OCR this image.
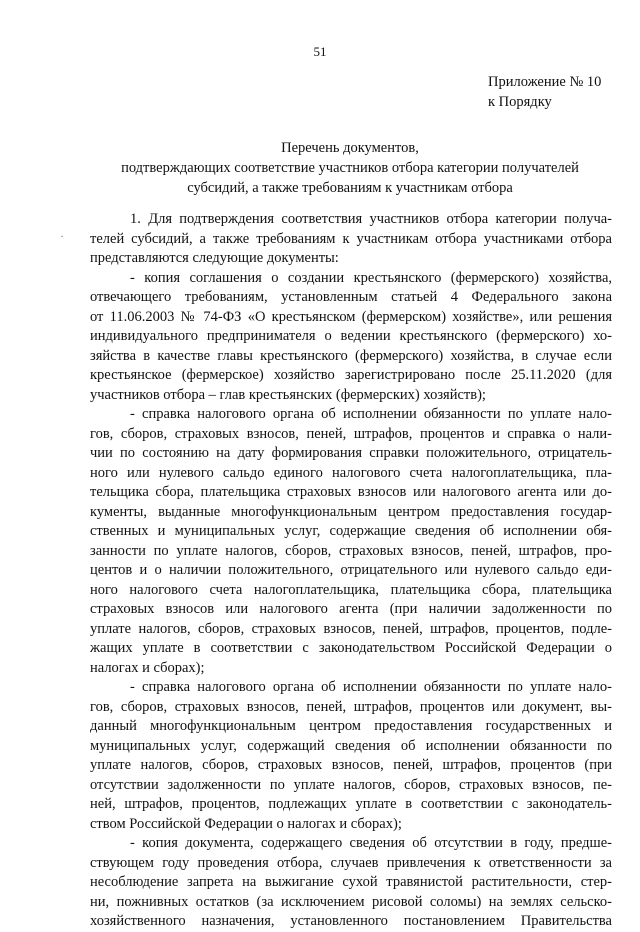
51
Приложение № 10
к Порядку
Перечень документов,
подтверждающих соответствие участников отбора категории получателей
субсидий, а также требованиям к участникам отбора
·
1. Для подтверждения соответствия участников отбора категории получа-
телей субсидий, а также требованиям к участникам отбора участниками отбора
представляются следующие документы:
- копия соглашения о создании крестьянского (фермерского) хозяйства,
отвечающего требованиям, установленным статьей 4 Федерального закона
от 11.06.2003 № 74-ФЗ «О крестьянском (фермерском) хозяйстве», или решения
индивидуального предпринимателя о ведении крестьянского (фермерского) хо-
зяйства в качестве главы крестьянского (фермерского) хозяйства, в случае если
крестьянское (фермерское) хозяйство зарегистрировано после 25.11.2020 (для
участников отбора – глав крестьянских (фермерских) хозяйств);
- справка налогового органа об исполнении обязанности по уплате нало-
гов, сборов, страховых взносов, пеней, штрафов, процентов и справка о нали-
чии по состоянию на дату формирования справки положительного, отрицатель-
ного или нулевого сальдо единого налогового счета налогоплательщика, пла-
тельщика сбора, плательщика страховых взносов или налогового агента или до-
кументы, выданные многофункциональным центром предоставления государ-
ственных и муниципальных услуг, содержащие сведения об исполнении обя-
занности по уплате налогов, сборов, страховых взносов, пеней, штрафов, про-
центов и о наличии положительного, отрицательного или нулевого сальдо еди-
ного налогового счета налогоплательщика, плательщика сбора, плательщика
страховых взносов или налогового агента (при наличии задолженности по
уплате налогов, сборов, страховых взносов, пеней, штрафов, процентов, подле-
жащих уплате в соответствии с законодательством Российской Федерации о
налогах и сборах);
- справка налогового органа об исполнении обязанности по уплате нало-
гов, сборов, страховых взносов, пеней, штрафов, процентов или документ, вы-
данный многофункциональным центром предоставления государственных и
муниципальных услуг, содержащий сведения об исполнении обязанности по
уплате налогов, сборов, страховых взносов, пеней, штрафов, процентов (при
отсутствии задолженности по уплате налогов, сборов, страховых взносов, пе-
ней, штрафов, процентов, подлежащих уплате в соответствии с законодатель-
ством Российской Федерации о налогах и сборах);
- копия документа, содержащего сведения об отсутствии в году, предше-
ствующем году проведения отбора, случаев привлечения к ответственности за
несоблюдение запрета на выжигание сухой травянистой растительности, стер-
ни, пожнивных остатков (за исключением рисовой соломы) на землях сельско-
хозяйственного назначения, установленного постановлением Правительства
